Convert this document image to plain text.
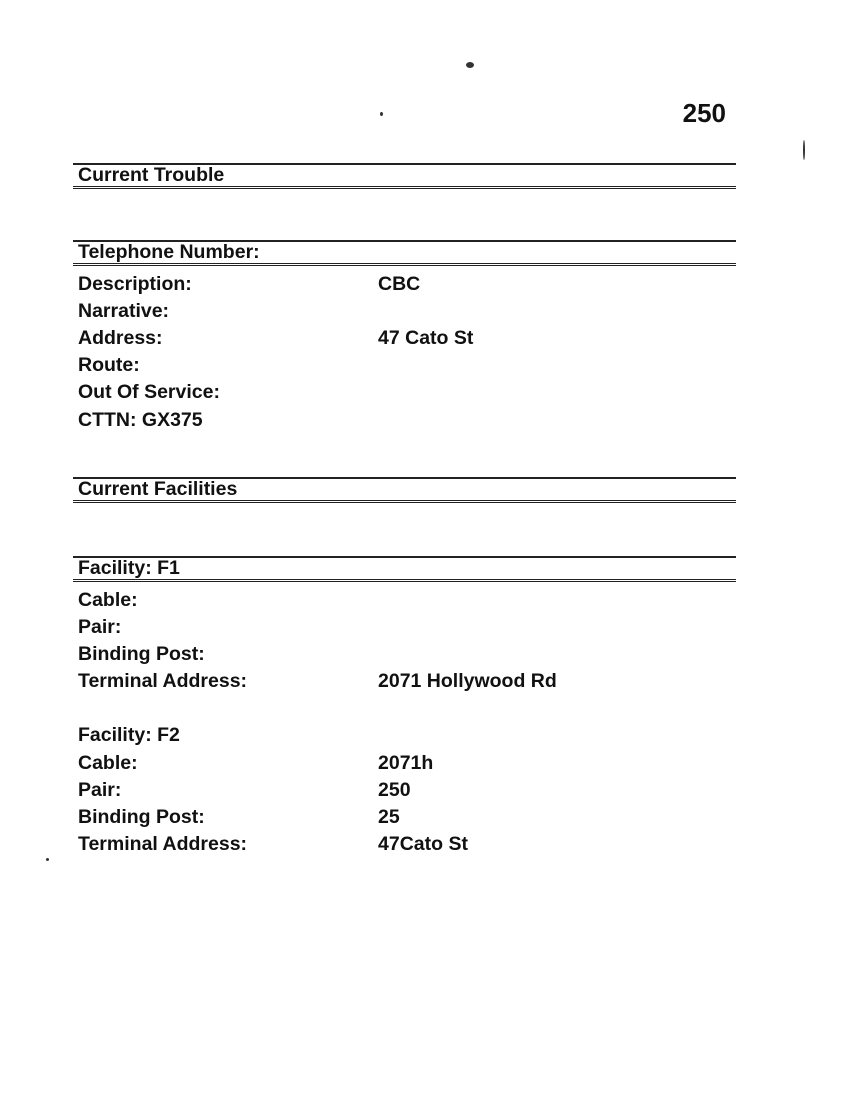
250
Current Trouble
Telephone Number:
Description:	CBC
Narrative:
Address:	47 Cato St
Route:
Out Of Service:
CTTN: GX375
Current Facilities
Facility: F1
Cable:
Pair:
Binding Post:
Terminal Address:	2071 Hollywood Rd
Facility: F2
Cable:	2071h
Pair:	250
Binding Post:	25
Terminal Address:	47Cato St
